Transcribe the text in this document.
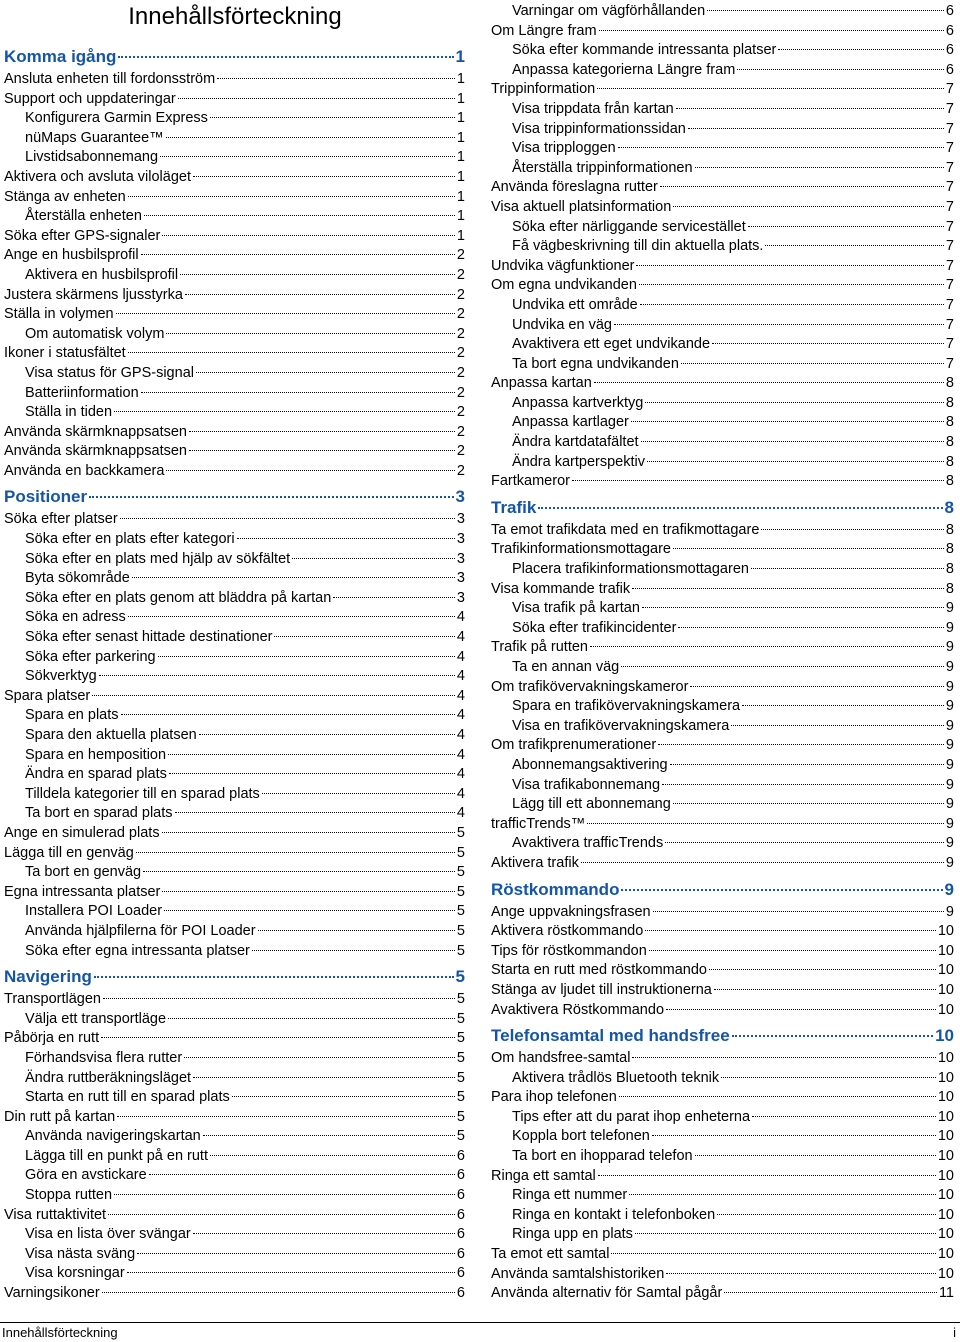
Innehållsförteckning
Komma igång	1
Ansluta enheten till fordonsström	1
Support och uppdateringar	1
Konfigurera Garmin Express	1
nüMaps Guarantee™	1
Livstidsabonnemang	1
Aktivera och avsluta viloläget	1
Stänga av enheten	1
Återställa enheten	1
Söka efter GPS-signaler	1
Ange en husbilsprofil	2
Aktivera en husbilsprofil	2
Justera skärmens ljusstyrka	2
Ställa in volymen	2
Om automatisk volym	2
Ikoner i statusfältet	2
Visa status för GPS-signal	2
Batteriinformation	2
Ställa in tiden	2
Använda skärmknappsatsen	2
Använda skärmknappsatsen	2
Använda en backkamera	2
Positioner	3
Söka efter platser	3
Söka efter en plats efter kategori	3
Söka efter en plats med hjälp av sökfältet	3
Byta sökområde	3
Söka efter en plats genom att bläddra på kartan	3
Söka en adress	4
Söka efter senast hittade destinationer	4
Söka efter parkering	4
Sökverktyg	4
Spara platser	4
Spara en plats	4
Spara den aktuella platsen	4
Spara en hemposition	4
Ändra en sparad plats	4
Tilldela kategorier till en sparad plats	4
Ta bort en sparad plats	4
Ange en simulerad plats	5
Lägga till en genväg	5
Ta bort en genväg	5
Egna intressanta platser	5
Installera POI Loader	5
Använda hjälpfilerna för POI Loader	5
Söka efter egna intressanta platser	5
Navigering	5
Transportlägen	5
Välja ett transportläge	5
Påbörja en rutt	5
Förhandsvisa flera rutter	5
Ändra ruttberäkningsläget	5
Starta en rutt till en sparad plats	5
Din rutt på kartan	5
Använda navigeringskartan	5
Lägga till en punkt på en rutt	6
Göra en avstickare	6
Stoppa rutten	6
Visa ruttaktivitet	6
Visa en lista över svängar	6
Visa nästa sväng	6
Visa korsningar	6
Varningsikoner	6
Varningar om vägförhållanden	6
Om Längre fram	6
Söka efter kommande intressanta platser	6
Anpassa kategorierna Längre fram	6
Trippinformation	7
Visa trippdata från kartan	7
Visa trippinformationssidan	7
Visa tripploggen	7
Återställa trippinformationen	7
Använda föreslagna rutter	7
Visa aktuell platsinformation	7
Söka efter närliggande servicestället	7
Få vägbeskrivning till din aktuella plats.	7
Undvika vägfunktioner	7
Om egna undvikanden	7
Undvika ett område	7
Undvika en väg	7
Avaktivera ett eget undvikande	7
Ta bort egna undvikanden	7
Anpassa kartan	8
Anpassa kartverktyg	8
Anpassa kartlager	8
Ändra kartdatafältet	8
Ändra kartperspektiv	8
Fartkameror	8
Trafik	8
Ta emot trafikdata med en trafikmottagare	8
Trafikinformationsmottagare	8
Placera trafikinformationsmottagaren	8
Visa kommande trafik	8
Visa trafik på kartan	9
Söka efter trafikincidenter	9
Trafik på rutten	9
Ta en annan väg	9
Om trafikövervakningskameror	9
Spara en trafikövervakningskamera	9
Visa en trafikövervakningskamera	9
Om trafikprenumerationer	9
Abonnemangsaktivering	9
Visa trafikabonnemang	9
Lägg till ett abonnemang	9
trafficTrends™	9
Avaktivera trafficTrends	9
Aktivera trafik	9
Röstkommando	9
Ange uppvakningsfrasen	9
Aktivera röstkommando	10
Tips för röstkommandon	10
Starta en rutt med röstkommando	10
Stänga av ljudet till instruktionerna	10
Avaktivera Röstkommando	10
Telefonsamtal med handsfree	10
Om handsfree-samtal	10
Aktivera trådlös Bluetooth teknik	10
Para ihop telefonen	10
Tips efter att du parat ihop enheterna	10
Koppla bort telefonen	10
Ta bort en ihopparad telefon	10
Ringa ett samtal	10
Ringa ett nummer	10
Ringa en kontakt i telefonboken	10
Ringa upp en plats	10
Ta emot ett samtal	10
Använda samtalshistoriken	10
Använda alternativ för Samtal pågår	11
Innehållsförteckning	i
